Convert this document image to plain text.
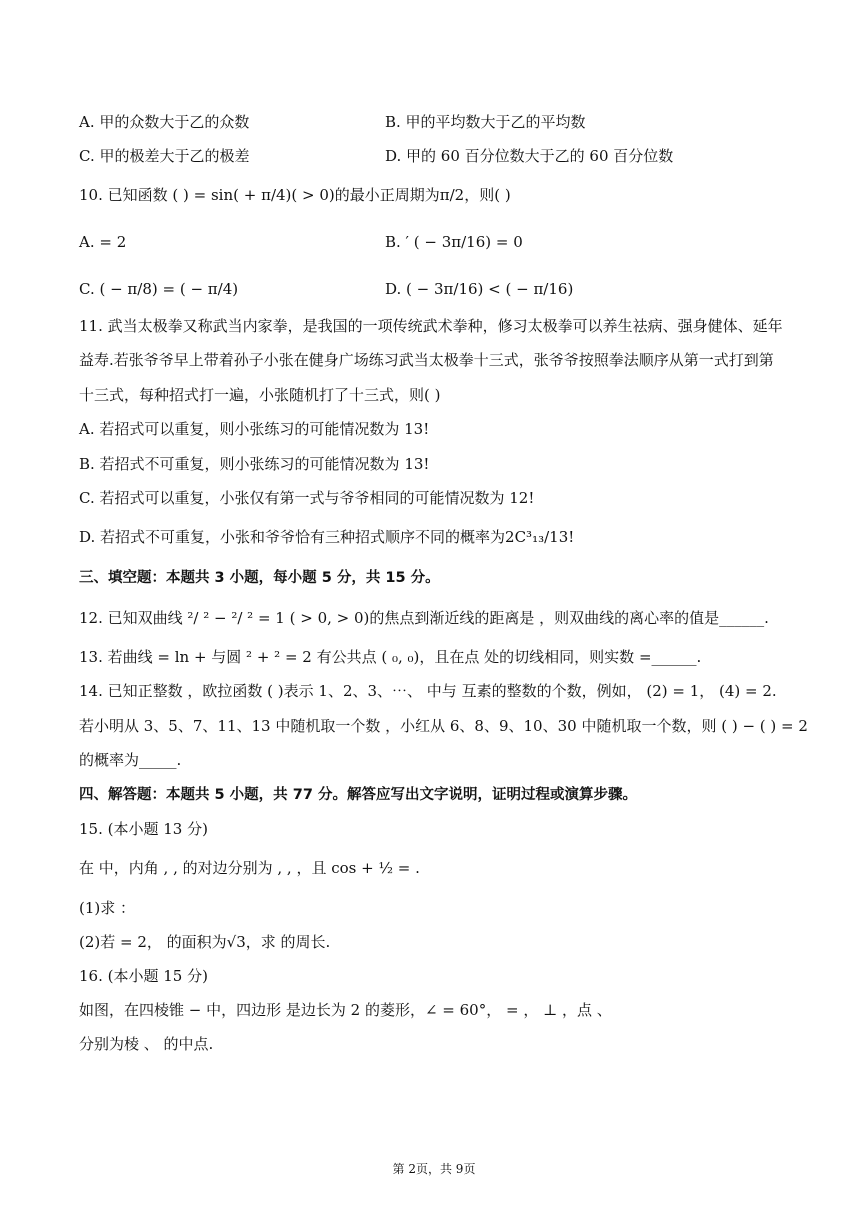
A. 甲的众数大于乙的众数	B. 甲的平均数大于乙的平均数
C. 甲的极差大于乙的极差	D. 甲的 60 百分位数大于乙的 60 百分位数
10. 已知函数 ( ) = sin( + π/4)( > 0)的最小正周期为π/2，则( )
A. = 2	B. ′ ( − 3π/16) = 0
C. ( − π/8) = ( − π/4)	D. ( − 3π/16) < ( − π/16)
11. 武当太极拳又称武当内家拳，是我国的一项传统武术拳种，修习太极拳可以养生祛病、强身健体、延年
益寿.若张爷爷早上带着孙子小张在健身广场练习武当太极拳十三式，张爷爷按照拳法顺序从第一式打到第
十三式，每种招式打一遍，小张随机打了十三式，则( )
A. 若招式可以重复，则小张练习的可能情况数为 13!
B. 若招式不可重复，则小张练习的可能情况数为 13!
C. 若招式可以重复，小张仅有第一式与爷爷相同的可能情况数为 12!
D. 若招式不可重复，小张和爷爷恰有三种招式顺序不同的概率为2C³₁₃/13!
三、填空题：本题共 3 小题，每小题 5 分，共 15 分。
12. 已知双曲线 ²/ ² − ²/ ² = 1 ( > 0, > 0)的焦点到渐近线的距离是 ，则双曲线的离心率的值是______.
13. 若曲线 = ln + 与圆 ² + ² = 2 有公共点 ( ₀, ₀)，且在点 处的切线相同，则实数 =______.
14. 已知正整数 ，欧拉函数 ( )表示 1、2、3、⋯、 中与 互素的整数的个数，例如， (2) = 1， (4) = 2.
若小明从 3、5、7、11、13 中随机取一个数 ，小红从 6、8、9、10、30 中随机取一个数，则 ( ) − ( ) = 2
的概率为_____.
四、解答题：本题共 5 小题，共 77 分。解答应写出文字说明，证明过程或演算步骤。
15. (本小题 13 分)
在 中，内角 , , 的对边分别为 , , ，且 cos + ½ = .
(1)求 ：
(2)若 = 2， 的面积为√3，求 的周长.
16. (本小题 15 分)
如图，在四棱锥 − 中，四边形 是边长为 2 的菱形，∠ = 60°， = ， ⊥ ，点 、
分别为棱 、 的中点.
第 2页，共 9页
